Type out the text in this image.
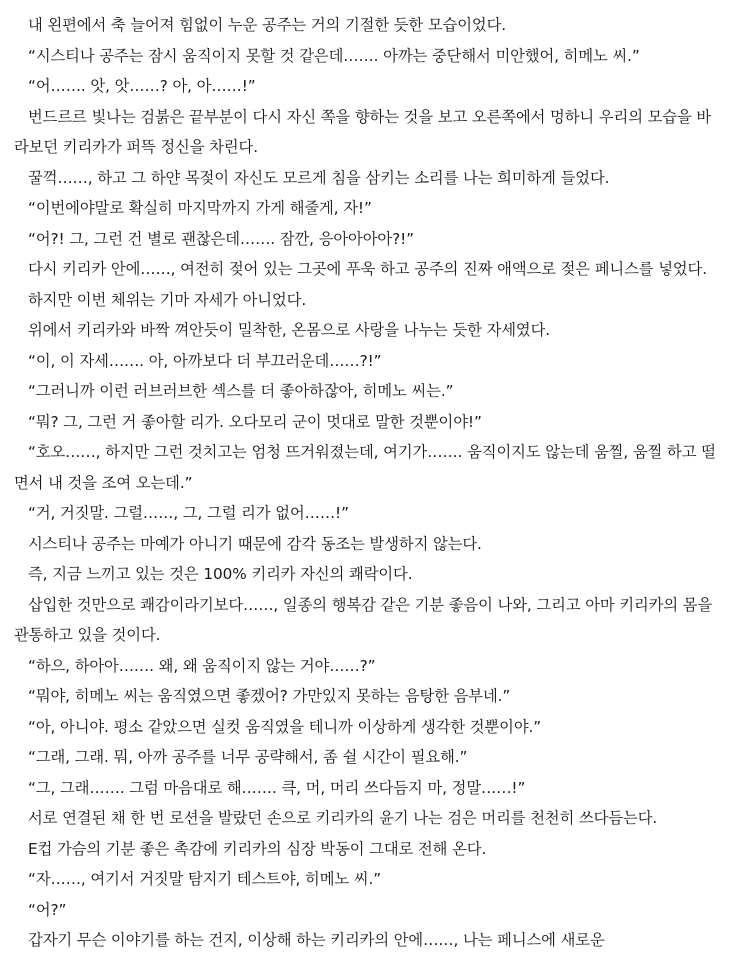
내 왼편에서 축 늘어져 힘없이 누운 공주는 거의 기절한 듯한 모습이었다.

“시스티나 공주는 잠시 움직이지 못할 것 같은데……. 아까는 중단해서 미안했어, 히메노 씨.”

“어……. 앗, 앗……? 아, 아……!”

번드르르 빛나는 검붉은 끝부분이 다시 자신 쪽을 향하는 것을 보고 오른쪽에서 멍하니 우리의 모습을 바라보던 키리카가 퍼뜩 정신을 차린다.

꿀꺽……, 하고 그 하얀 목젖이 자신도 모르게 침을 삼키는 소리를 나는 희미하게 들었다.

“이번에야말로 확실히 마지막까지 가게 해줄게, 자!”

“어?! 그, 그런 건 별로 괜찮은데……. 잠깐, 응아아아아?!”

다시 키리카 안에……, 여전히 젖어 있는 그곳에 푸욱 하고 공주의 진짜 애액으로 젖은 페니스를 넣었다.

하지만 이번 체위는 기마 자세가 아니었다.

위에서 키리카와 바짝 껴안듯이 밀착한, 온몸으로 사랑을 나누는 듯한 자세였다.

“이, 이 자세……. 아, 아까보다 더 부끄러운데……?!”

“그러니까 이런 러브러브한 섹스를 더 좋아하잖아, 히메노 씨는.”

“뭐? 그, 그런 거 좋아할 리가. 오다모리 군이 멋대로 말한 것뿐이야!”

“호오……, 하지만 그런 것치고는 엄청 뜨거워졌는데, 여기가……. 움직이지도 않는데 움찔, 움찔 하고 떨면서 내 것을 조여 오는데.”

“거, 거짓말. 그럴……, 그, 그럴 리가 없어……!”

시스티나 공주는 마예가 아니기 때문에 감각 동조는 발생하지 않는다.

즉, 지금 느끼고 있는 것은 100% 키리카 자신의 쾌락이다.

삽입한 것만으로 쾌감이라기보다……, 일종의 행복감 같은 기분 좋음이 나와, 그리고 아마 키리카의 몸을 관통하고 있을 것이다.

“하으, 하아아……. 왜, 왜 움직이지 않는 거야……?”

“뭐야, 히메노 씨는 움직였으면 좋겠어? 가만있지 못하는 음탕한 음부네.”

“아, 아니야. 평소 같았으면 실컷 움직였을 테니까 이상하게 생각한 것뿐이야.”

“그래, 그래. 뭐, 아까 공주를 너무 공략해서, 좀 쉴 시간이 필요해.”

“그, 그래……. 그럼 마음대로 해……. 큭, 머, 머리 쓰다듬지 마, 정말……!”

서로 연결된 채 한 번 로션을 발랐던 손으로 키리카의 윤기 나는 검은 머리를 천천히 쓰다듬는다.

E컵 가슴의 기분 좋은 촉감에 키리카의 심장 박동이 그대로 전해 온다.

“자……, 여기서 거짓말 탐지기 테스트야, 히메노 씨.”

“어?”

갑자기 무슨 이야기를 하는 건지, 이상해 하는 키리카의 안에……, 나는 페니스에 새로운
